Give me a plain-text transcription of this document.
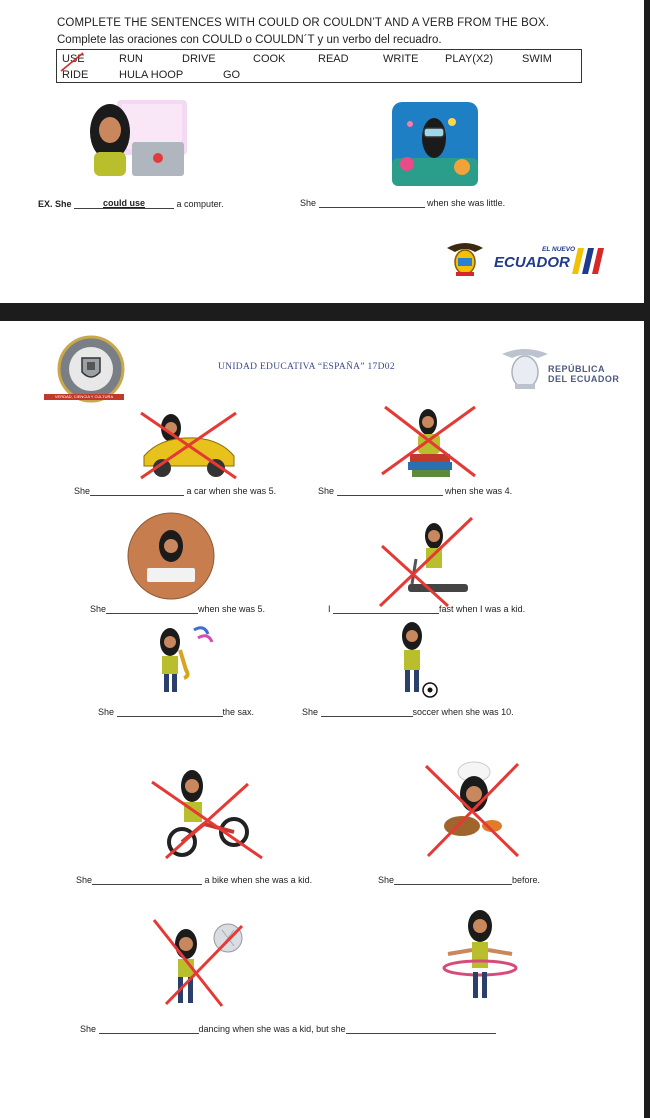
COMPLETE THE SENTENCES WITH COULD OR COULDN’T AND A VERB FROM THE BOX.
Complete las oraciones con COULD o COULDN´T y un verbo del recuadro.
USE	RUN	DRIVE	COOK	READ	WRITE PLAY(X2)	SWIM
RIDE	HULA HOOP	GO
EX. She	could use	a computer.	She	when she was little.
EL NUEVO
ECUADOR
VERDAD, CIENCIA Y CULTURA
UNIDAD EDUCATIVA “ESPAÑA” 17D02	REPÚBLICA
DEL ECUADOR
She	a car when she was 5.	She	when she was 4.
She	when she was 5.	I	fast when I was a kid.
She	the sax.	She	soccer when she was 10.
She	a bike when she was a kid.	She	before.
She	dancing when she was a kid, but she
